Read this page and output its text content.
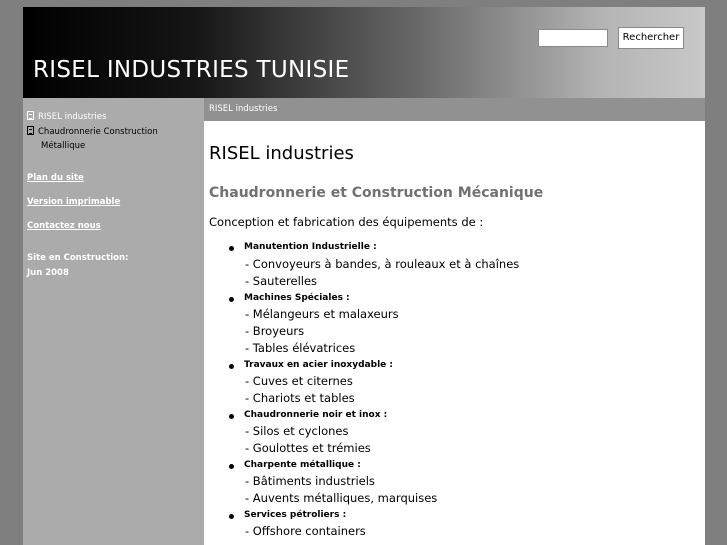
RISEL INDUSTRIES TUNISIE
Rechercher
RISEL industries
Chaudronnerie Construction
Métallique
Plan du site
Version imprimable
Contactez nous
Site en Construction:
Jun 2008
RISEL industries
RISEL industries
Chaudronnerie et Construction Mécanique
Conception et fabrication des équipements de :
Manutention Industrielle :
- Convoyeurs à bandes, à rouleaux et à chaînes
- Sauterelles
Machines Spéciales :
- Mélangeurs et malaxeurs
- Broyeurs
- Tables élévatrices
Travaux en acier inoxydable :
- Cuves et citernes
- Chariots et tables
Chaudronnerie noir et inox :
- Silos et cyclones
- Goulottes et trémies
Charpente métallique :
- Bâtiments industriels
- Auvents métalliques, marquises
Services pétroliers :
- Offshore containers
